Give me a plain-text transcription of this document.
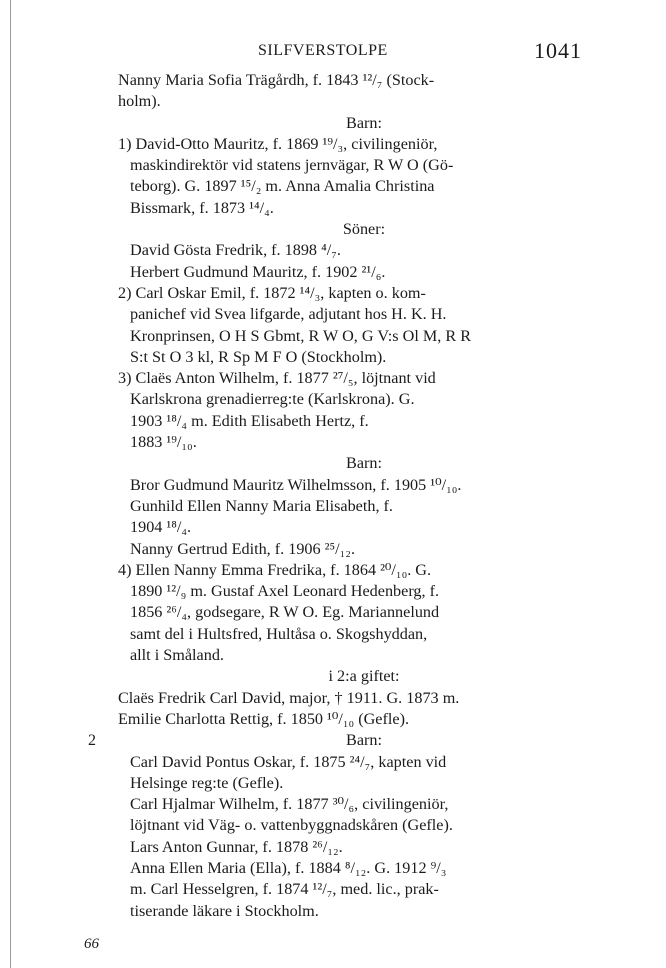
SILFVERSTOLPE	1041
Nanny Maria Sofia Trägårdh, f. 1843 ¹²/₇ (Stock-
holm).
Barn:
1) David-Otto Mauritz, f. 1869 ¹⁹/₃, civilingeniör,
maskindirektör vid statens jernvägar, R W O (Gö-
teborg). G. 1897 ¹⁵/₂ m. Anna Amalia Christina
Bissmark, f. 1873 ¹⁴/₄.
Söner:
David Gösta Fredrik, f. 1898 ⁴/₇.
Herbert Gudmund Mauritz, f. 1902 ²¹/₆.
2) Carl Oskar Emil, f. 1872 ¹⁴/₃, kapten o. kom-
panichef vid Svea lifgarde, adjutant hos H. K. H.
Kronprinsen, O H S Gbmt, R W O, G V:s Ol M, R R
S:t St O 3 kl, R Sp M F O (Stockholm).
3) Claës Anton Wilhelm, f. 1877 ²⁷/₅, löjtnant vid
Karlskrona grenadierreg:te (Karlskrona). G.
1903 ¹⁸/₄ m. Edith Elisabeth Hertz, f.
1883 ¹⁹/₁₀.
Barn:
Bror Gudmund Mauritz Wilhelmsson, f. 1905 ¹⁰/₁₀.
Gunhild Ellen Nanny Maria Elisabeth, f.
1904 ¹⁸/₄.
Nanny Gertrud Edith, f. 1906 ²⁵/₁₂.
4) Ellen Nanny Emma Fredrika, f. 1864 ²⁰/₁₀. G.
1890 ¹²/₉ m. Gustaf Axel Leonard Hedenberg, f.
1856 ²⁶/₄, godsegare, R W O. Eg. Mariannelund
samt del i Hultsfred, Hultåsa o. Skogshyddan,
allt i Småland.
i 2:a giftet:
Claës Fredrik Carl David, major, † 1911. G. 1873 m.
Emilie Charlotta Rettig, f. 1850 ¹⁰/₁₀ (Gefle).
Barn:
Carl David Pontus Oskar, f. 1875 ²⁴/₇, kapten vid
Helsinge reg:te (Gefle).
Carl Hjalmar Wilhelm, f. 1877 ³⁰/₆, civilingeniör,
löjtnant vid Väg- o. vattenbyggnadskåren (Gefle).
Lars Anton Gunnar, f. 1878 ²⁶/₁₂.
Anna Ellen Maria (Ella), f. 1884 ⁸/₁₂. G. 1912 ⁹/₃
m. Carl Hesselgren, f. 1874 ¹²/₇, med. lic., prak-
tiserande läkare i Stockholm.
2
66
